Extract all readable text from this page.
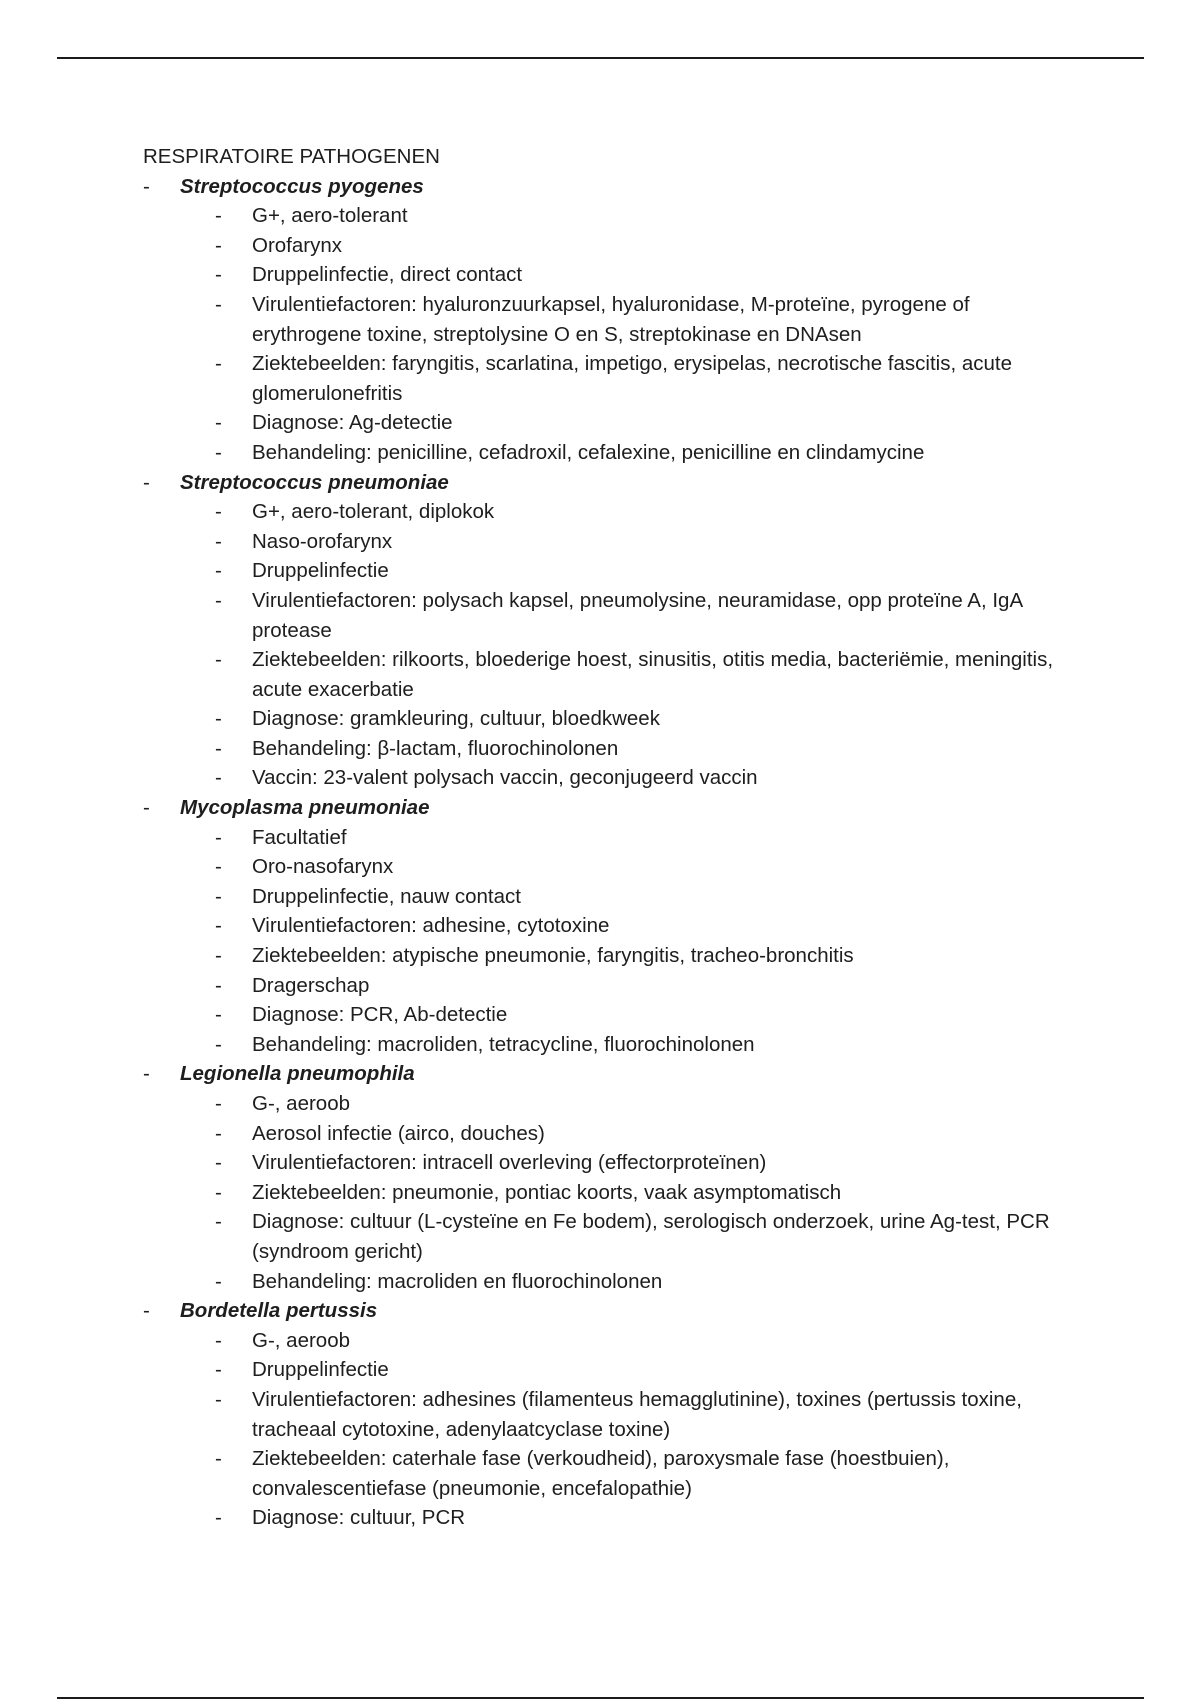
RESPIRATOIRE PATHOGENEN
- Streptococcus pyogenes
- G+, aero-tolerant
- Orofarynx
- Druppelinfectie, direct contact
- Virulentiefactoren: hyaluronzuurkapsel, hyaluronidase, M-proteïne, pyrogene of erythrogene toxine, streptolysine O en S, streptokinase en DNAsen
- Ziektebeelden: faryngitis, scarlatina, impetigo, erysipelas, necrotische fascitis, acute glomerulonefritis
- Diagnose: Ag-detectie
- Behandeling: penicilline, cefadroxil, cefalexine, penicilline en clindamycine
- Streptococcus pneumoniae
- G+, aero-tolerant, diplokok
- Naso-orofarynx
- Druppelinfectie
- Virulentiefactoren: polysach kapsel, pneumolysine, neuramidase, opp proteïne A, IgA protease
- Ziektebeelden: rilkoorts, bloederige hoest, sinusitis, otitis media, bacteriëmie, meningitis, acute exacerbatie
- Diagnose: gramkleuring, cultuur, bloedkweek
- Behandeling: β-lactam, fluorochinolonen
- Vaccin: 23-valent polysach vaccin, geconjugeerd vaccin
- Mycoplasma pneumoniae
- Facultatief
- Oro-nasofarynx
- Druppelinfectie, nauw contact
- Virulentiefactoren: adhesine, cytotoxine
- Ziektebeelden: atypische pneumonie, faryngitis, tracheo-bronchitis
- Dragerschap
- Diagnose: PCR, Ab-detectie
- Behandeling: macroliden, tetracycline, fluorochinolonen
- Legionella pneumophila
- G-, aeroob
- Aerosol infectie (airco, douches)
- Virulentiefactoren: intracell overleving (effectorproteïnen)
- Ziektebeelden: pneumonie, pontiac koorts, vaak asymptomatisch
- Diagnose: cultuur (L-cysteïne en Fe bodem), serologisch onderzoek, urine Ag-test, PCR (syndroom gericht)
- Behandeling: macroliden en fluorochinolonen
- Bordetella pertussis
- G-, aeroob
- Druppelinfectie
- Virulentiefactoren: adhesines (filamenteus hemagglutinine), toxines (pertussis toxine, tracheaal cytotoxine, adenylaatcyclase toxine)
- Ziektebeelden: caterhale fase (verkoudheid), paroxysmale fase (hoestbuien), convalescentiefase (pneumonie, encefalopathie)
- Diagnose: cultuur, PCR
